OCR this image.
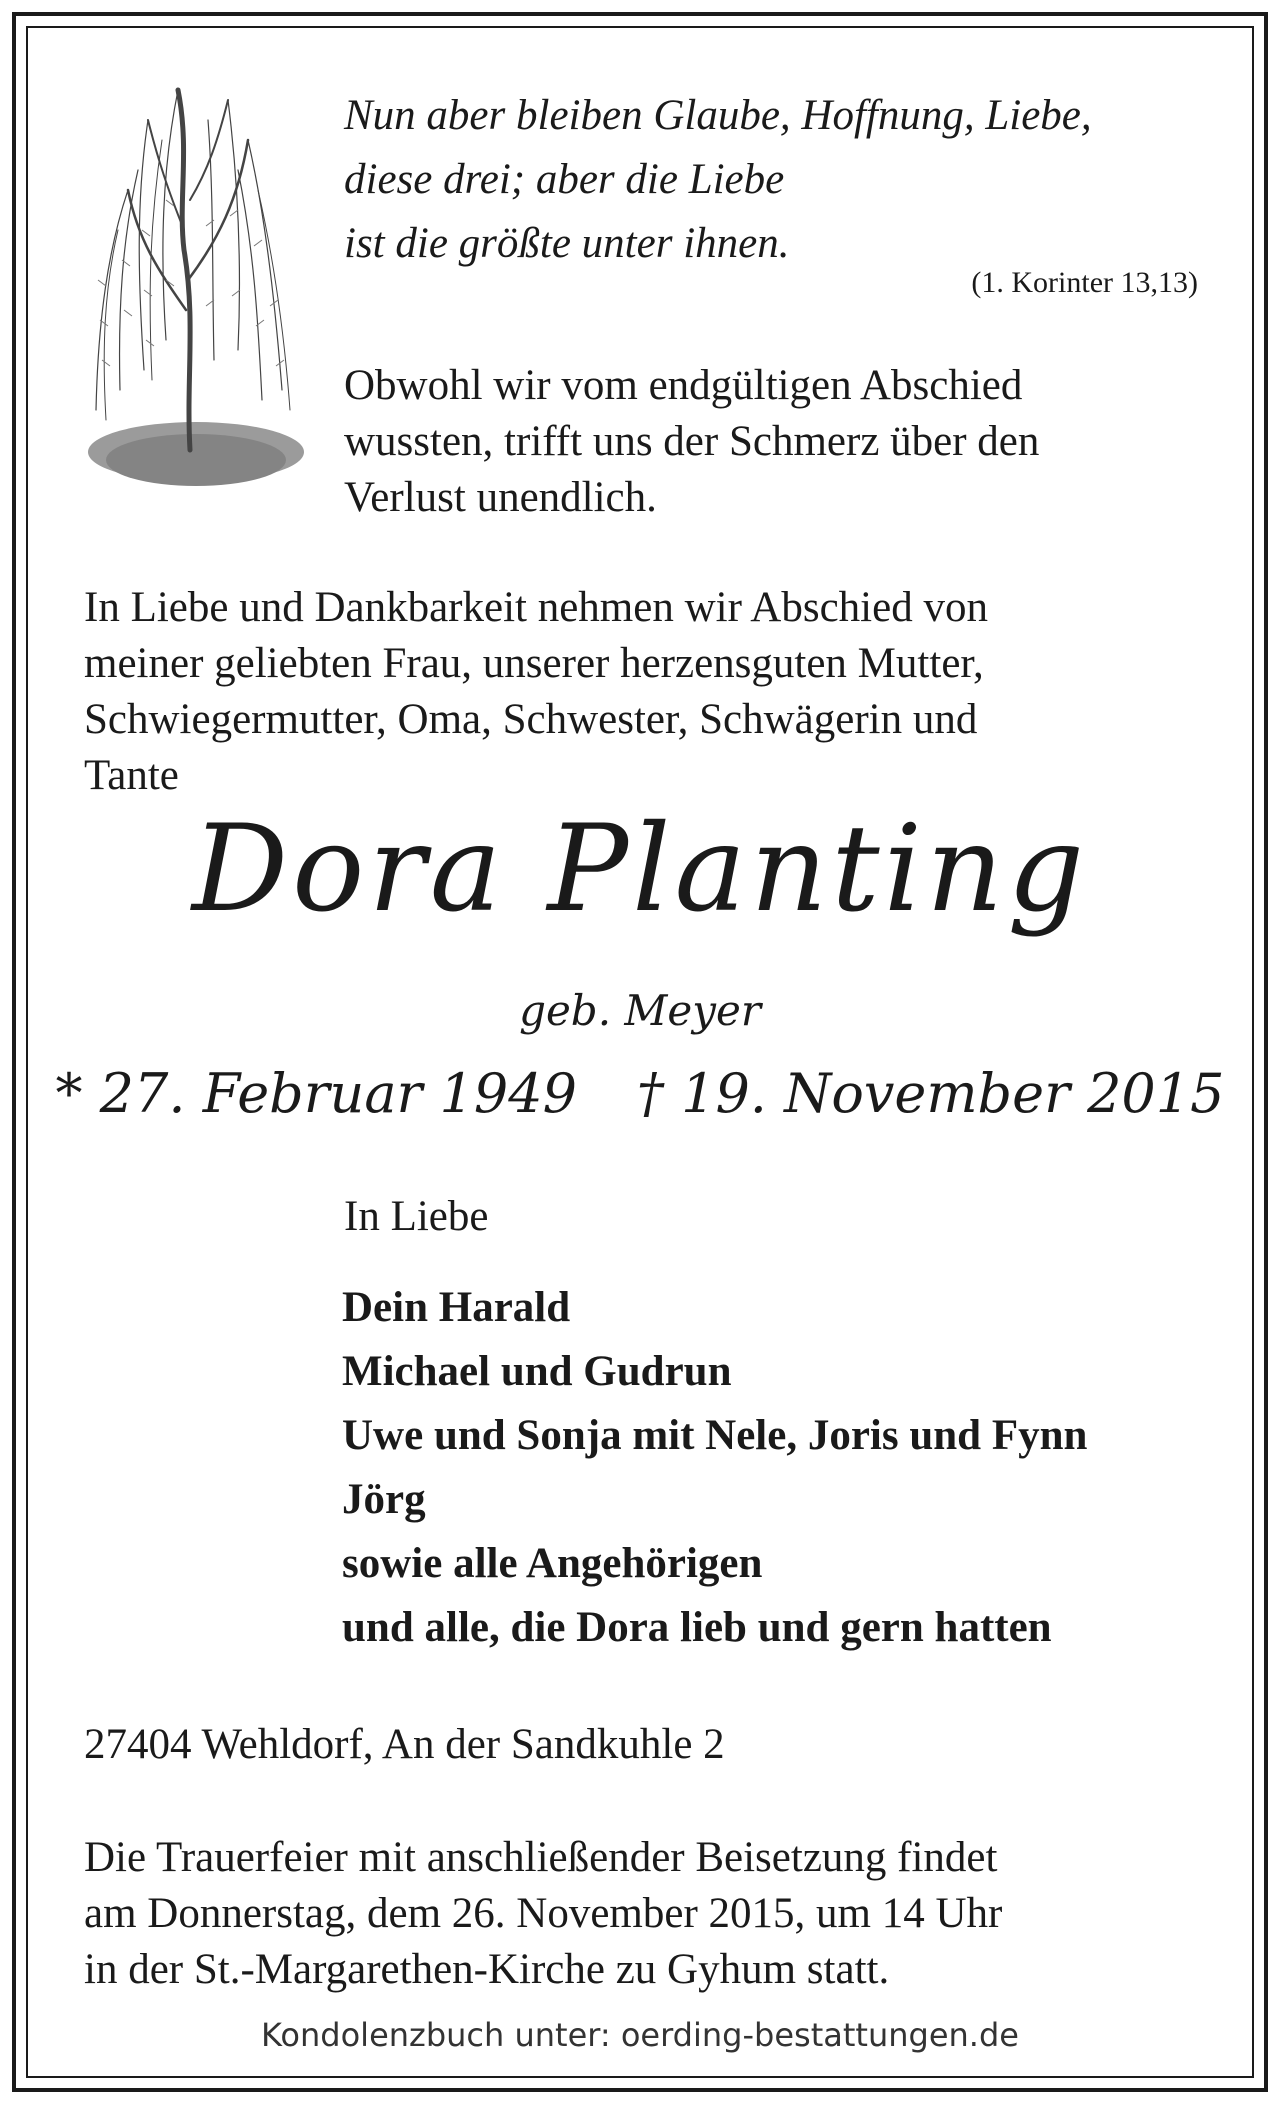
Nun aber bleiben Glaube, Hoffnung, Liebe,
diese drei; aber die Liebe
ist die größte unter ihnen.
(1. Korinter 13,13)
Obwohl wir vom endgültigen Abschied
wussten, trifft uns der Schmerz über den
Verlust unendlich.
In Liebe und Dankbarkeit nehmen wir Abschied von
meiner geliebten Frau, unserer herzensguten Mutter,
Schwiegermutter, Oma, Schwester, Schwägerin und
Tante
Dora Planting
geb. Meyer
* 27. Februar 1949 † 19. November 2015
In Liebe
Dein Harald
Michael und Gudrun
Uwe und Sonja mit Nele, Joris und Fynn
Jörg
sowie alle Angehörigen
und alle, die Dora lieb und gern hatten
27404 Wehldorf, An der Sandkuhle 2
Die Trauerfeier mit anschließender Beisetzung findet
am Donnerstag, dem 26. November 2015, um 14 Uhr
in der St.-Margarethen-Kirche zu Gyhum statt.
Kondolenzbuch unter: oerding-bestattungen.de
